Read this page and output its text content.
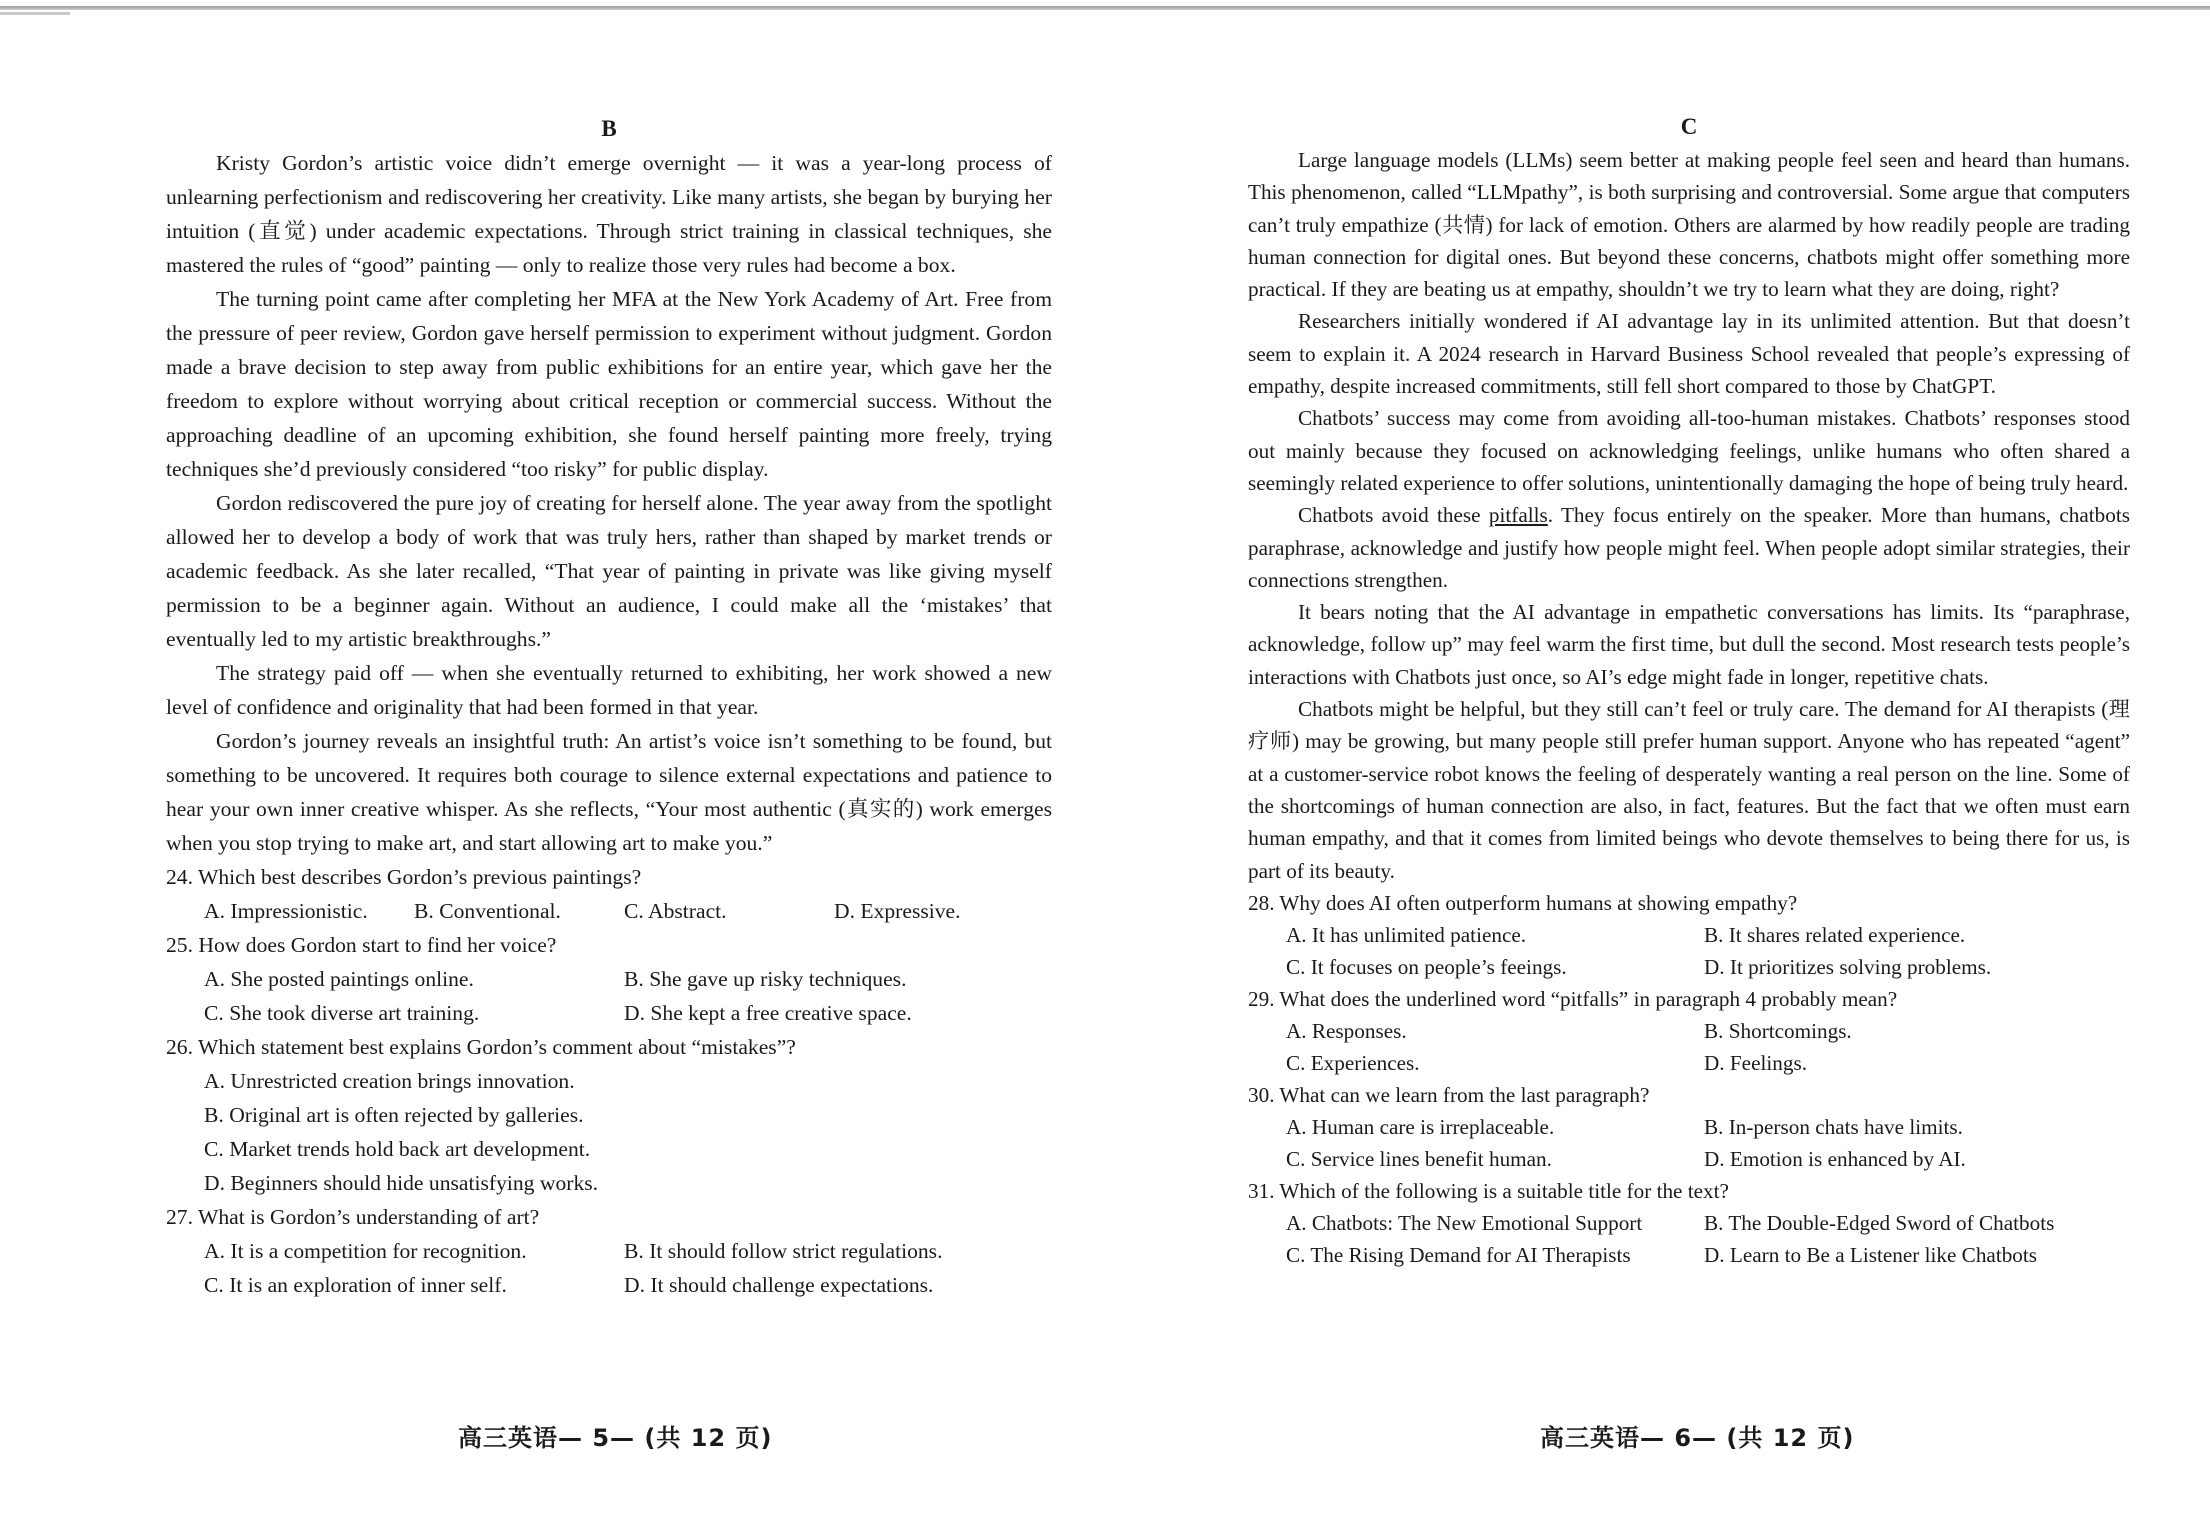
B

Kristy Gordon’s artistic voice didn’t emerge overnight — it was a year-long process of unlearning perfectionism and rediscovering her creativity. Like many artists, she began by burying her intuition (直觉) under academic expectations. Through strict training in classical techniques, she mastered the rules of “good” painting — only to realize those very rules had become a box.

The turning point came after completing her MFA at the New York Academy of Art. Free from the pressure of peer review, Gordon gave herself permission to experiment without judgment. Gordon made a brave decision to step away from public exhibitions for an entire year, which gave her the freedom to explore without worrying about critical reception or commercial success. Without the approaching deadline of an upcoming exhibition, she found herself painting more freely, trying techniques she’d previously considered “too risky” for public display.

Gordon rediscovered the pure joy of creating for herself alone. The year away from the spotlight allowed her to develop a body of work that was truly hers, rather than shaped by market trends or academic feedback. As she later recalled, “That year of painting in private was like giving myself permission to be a beginner again. Without an audience, I could make all the ‘mistakes’ that eventually led to my artistic breakthroughs.”

The strategy paid off — when she eventually returned to exhibiting, her work showed a new level of confidence and originality that had been formed in that year.

Gordon’s journey reveals an insightful truth: An artist’s voice isn’t something to be found, but something to be uncovered. It requires both courage to silence external expectations and patience to hear your own inner creative whisper. As she reflects, “Your most authentic (真实的) work emerges when you stop trying to make art, and start allowing art to make you.”

24. Which best describes Gordon’s previous paintings?
A. Impressionistic.	B. Conventional.	C. Abstract.	D. Expressive.
25. How does Gordon start to find her voice?
A. She posted paintings online.	B. She gave up risky techniques.
C. She took diverse art training.	D. She kept a free creative space.
26. Which statement best explains Gordon’s comment about “mistakes”?
A. Unrestricted creation brings innovation.
B. Original art is often rejected by galleries.
C. Market trends hold back art development.
D. Beginners should hide unsatisfying works.
27. What is Gordon’s understanding of art?
A. It is a competition for recognition.	B. It should follow strict regulations.
C. It is an exploration of inner self.	D. It should challenge expectations.
高三英语— 5— (共 12 页)
C

Large language models (LLMs) seem better at making people feel seen and heard than humans. This phenomenon, called “LLMpathy”, is both surprising and controversial. Some argue that computers can’t truly empathize (共情) for lack of emotion. Others are alarmed by how readily people are trading human connection for digital ones. But beyond these concerns, chatbots might offer something more practical. If they are beating us at empathy, shouldn’t we try to learn what they are doing, right?

Researchers initially wondered if AI advantage lay in its unlimited attention. But that doesn’t seem to explain it. A 2024 research in Harvard Business School revealed that people’s expressing of empathy, despite increased commitments, still fell short compared to those by ChatGPT.

Chatbots’ success may come from avoiding all-too-human mistakes. Chatbots’ responses stood out mainly because they focused on acknowledging feelings, unlike humans who often shared a seemingly related experience to offer solutions, unintentionally damaging the hope of being truly heard.

Chatbots avoid these pitfalls. They focus entirely on the speaker. More than humans, chatbots paraphrase, acknowledge and justify how people might feel. When people adopt similar strategies, their connections strengthen.

It bears noting that the AI advantage in empathetic conversations has limits. Its “paraphrase, acknowledge, follow up” may feel warm the first time, but dull the second. Most research tests people’s interactions with Chatbots just once, so AI’s edge might fade in longer, repetitive chats.

Chatbots might be helpful, but they still can’t feel or truly care. The demand for AI therapists (理疗师) may be growing, but many people still prefer human support. Anyone who has repeated “agent” at a customer-service robot knows the feeling of desperately wanting a real person on the line. Some of the shortcomings of human connection are also, in fact, features. But the fact that we often must earn human empathy, and that it comes from limited beings who devote themselves to being there for us, is part of its beauty.

28. Why does AI often outperform humans at showing empathy?
A. It has unlimited patience.	B. It shares related experience.
C. It focuses on people’s feeings.	D. It prioritizes solving problems.
29. What does the underlined word “pitfalls” in paragraph 4 probably mean?
A. Responses.	B. Shortcomings.
C. Experiences.	D. Feelings.
30. What can we learn from the last paragraph?
A. Human care is irreplaceable.	B. In-person chats have limits.
C. Service lines benefit human.	D. Emotion is enhanced by AI.
31. Which of the following is a suitable title for the text?
A. Chatbots: The New Emotional Support	B. The Double-Edged Sword of Chatbots
C. The Rising Demand for AI Therapists	D. Learn to Be a Listener like Chatbots
高三英语— 6— (共 12 页)
